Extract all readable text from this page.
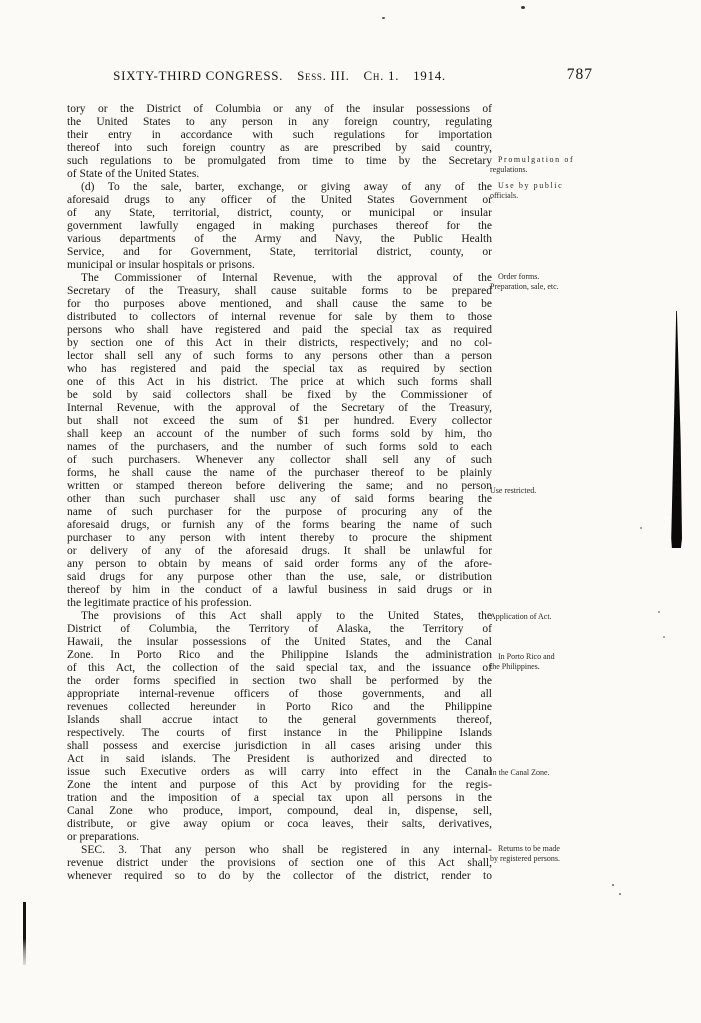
SIXTY-THIRD CONGRESS. Sess. III. Ch. 1. 1914.	787
tory or the District of Columbia or any of the insular possessions of
the United States to any person in any foreign country, regulating
their entry in accordance with such regulations for importation
thereof into such foreign country as are prescribed by said country,
such regulations to be promulgated from time to time by the Secretary
of State of the United States.
(d) To the sale, barter, exchange, or giving away of any of the
aforesaid drugs to any officer of the United States Government or
of any State, territorial, district, county, or municipal or insular
government lawfully engaged in making purchases thereof for the
various departments of the Army and Navy, the Public Health
Service, and for Government, State, territorial district, county, or
municipal or insular hospitals or prisons.
The Commissioner of Internal Revenue, with the approval of the
Secretary of the Treasury, shall cause suitable forms to be prepared
for tho purposes above mentioned, and shall cause the same to be
distributed to collectors of internal revenue for sale by them to those
persons who shall have registered and paid the special tax as required
by section one of this Act in their districts, respectively; and no col-
lector shall sell any of such forms to any persons other than a person
who has registered and paid the special tax as required by section
one of this Act in his district. The price at which such forms shall
be sold by said collectors shall be fixed by the Commissioner of
Internal Revenue, with the approval of the Secretary of the Treasury,
but shall not exceed the sum of $1 per hundred. Every collector
shall keep an account of the number of such forms sold by him, tho
names of the purchasers, and the number of such forms sold to each
of such purchasers. Whenever any collector shall sell any of such
forms, he shall cause the name of the purchaser thereof to be plainly
written or stamped thereon before delivering the same; and no person
other than such purchaser shall usc any of said forms bearing the
name of such purchaser for the purpose of procuring any of the
aforesaid drugs, or furnish any of the forms bearing the name of such
purchaser to any person with intent thereby to procure the shipment
or delivery of any of the aforesaid drugs. It shall be unlawful for
any person to obtain by means of said order forms any of the afore-
said drugs for any purpose other than the use, sale, or distribution
thereof by him in the conduct of a lawful business in said drugs or in
the legitimate practice of his profession.
The provisions of this Act shall apply to the United States, the
District of Columbia, the Territory of Alaska, the Territory of
Hawaii, the insular possessions of the United States, and the Canal
Zone. In Porto Rico and the Philippine Islands the administration
of this Act, the collection of the said special tax, and the issuance of
the order forms specified in section two shall be performed by the
appropriate internal-revenue officers of those governments, and all
revenues collected hereunder in Porto Rico and the Philippine
Islands shall accrue intact to the general governments thereof,
respectively. The courts of first instance in the Philippine Islands
shall possess and exercise jurisdiction in all cases arising under this
Act in said islands. The President is authorized and directed to
issue such Executive orders as will carry into effect in the Canal
Zone the intent and purpose of this Act by providing for the regis-
tration and the imposition of a special tax upon all persons in the
Canal Zone who produce, import, compound, deal in, dispense, sell,
distribute, or give away opium or coca leaves, their salts, derivatives,
or preparations.
SEC. 3. That any person who shall be registered in any internal-
revenue district under the provisions of section one of this Act shall,
whenever required so to do by the collector of the district, render to
Promulgation of
regulations.
Use by public
officials.
Order forms.
Preparation, sale, etc.
Use restricted.
Application of Act.
In Porto Rico and
the Philippines.
In the Canal Zone.
Returns to be made
by registered persons.
